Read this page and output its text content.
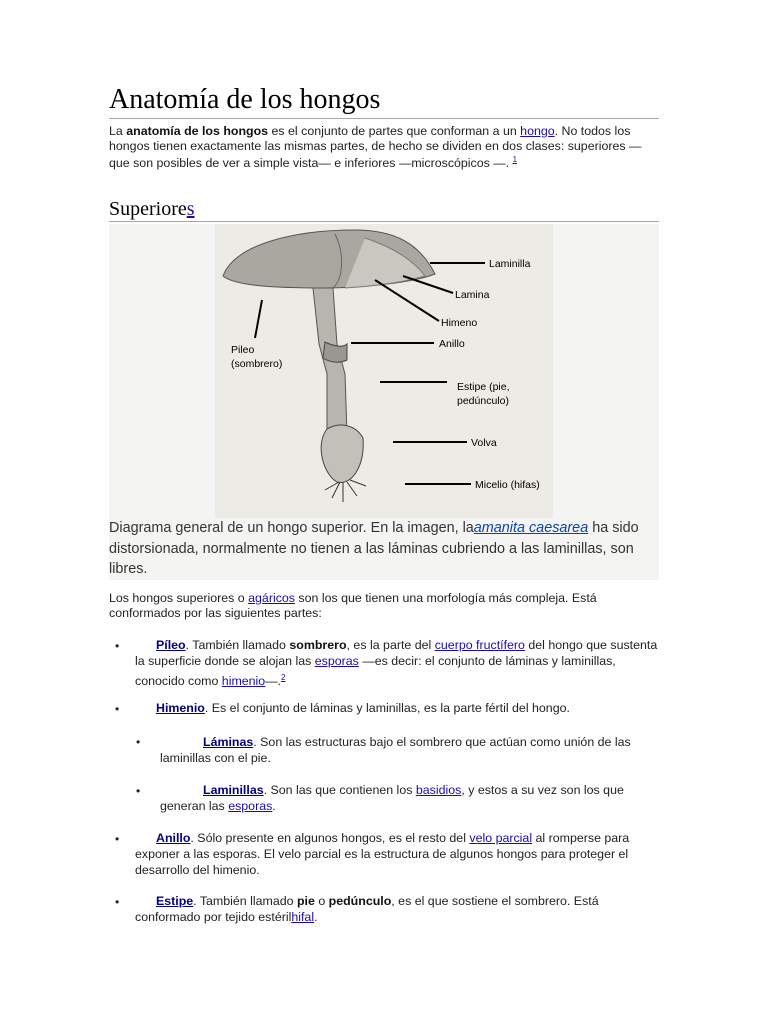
Anatomía de los hongos

La anatomía de los hongos es el conjunto de partes que conforman a un hongo. No todos los hongos tienen exactamente las mismas partes, de hecho se dividen en dos clases: superiores —que son posibles de ver a simple vista— e inferiores —microscópicos —. $^1$

Superiores
Laminilla
Lamina
Himeno
Anillo
Pileo
(sombrero)
Estipe (pie,
pedúnculo)
Volva
Micelio (hifas)
Diagrama general de un hongo superior. En la imagen, laamanita caesarea ha sido distorsionada, normalmente no tienen a las láminas cubriendo a las laminillas, son libres.

Los hongos superiores o agáricos son los que tienen una morfología más compleja. Está conformados por las siguientes partes:

•	Píleo. También llamado sombrero, es la parte del cuerpo fructífero del hongo que sustenta la superficie donde se alojan las esporas —es decir: el conjunto de láminas y laminillas, conocido como himenio—.$^2$
•	Himenio. Es el conjunto de láminas y laminillas, es la parte fértil del hongo.
•	Láminas. Son las estructuras bajo el sombrero que actúan como unión de las laminillas con el pie.
•	Laminillas. Son las que contienen los basidios, y estos a su vez son los que generan las esporas.
•	Anillo. Sólo presente en algunos hongos, es el resto del velo parcial al romperse para exponer a las esporas. El velo parcial es la estructura de algunos hongos para proteger el desarrollo del himenio.
•	Estipe. También llamado pie o pedúnculo, es el que sostiene el sombrero. Está conformado por tejido estérilhifal.
